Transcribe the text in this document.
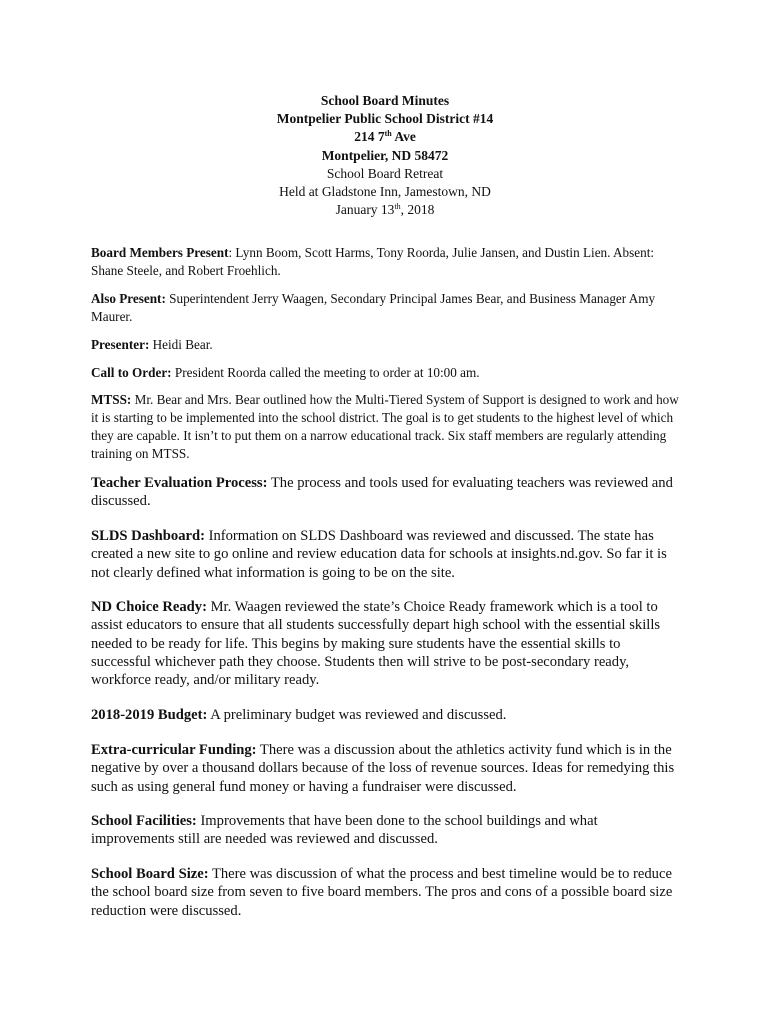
School Board Minutes
Montpelier Public School District #14
214 7th Ave
Montpelier, ND 58472
School Board Retreat
Held at Gladstone Inn, Jamestown, ND
January 13th, 2018

Board Members Present: Lynn Boom, Scott Harms, Tony Roorda, Julie Jansen, and Dustin Lien. Absent: Shane Steele, and Robert Froehlich.

Also Present: Superintendent Jerry Waagen, Secondary Principal James Bear, and Business Manager Amy Maurer.

Presenter: Heidi Bear.

Call to Order: President Roorda called the meeting to order at 10:00 am.

MTSS: Mr. Bear and Mrs. Bear outlined how the Multi-Tiered System of Support is designed to work and how it is starting to be implemented into the school district. The goal is to get students to the highest level of which they are capable. It isn’t to put them on a narrow educational track. Six staff members are regularly attending training on MTSS.

Teacher Evaluation Process: The process and tools used for evaluating teachers was reviewed and discussed.

SLDS Dashboard: Information on SLDS Dashboard was reviewed and discussed. The state has created a new site to go online and review education data for schools at insights.nd.gov. So far it is not clearly defined what information is going to be on the site.

ND Choice Ready: Mr. Waagen reviewed the state’s Choice Ready framework which is a tool to assist educators to ensure that all students successfully depart high school with the essential skills needed to be ready for life. This begins by making sure students have the essential skills to successful whichever path they choose. Students then will strive to be post-secondary ready, workforce ready, and/or military ready.

2018-2019 Budget: A preliminary budget was reviewed and discussed.

Extra-curricular Funding: There was a discussion about the athletics activity fund which is in the negative by over a thousand dollars because of the loss of revenue sources. Ideas for remedying this such as using general fund money or having a fundraiser were discussed.

School Facilities: Improvements that have been done to the school buildings and what improvements still are needed was reviewed and discussed.

School Board Size: There was discussion of what the process and best timeline would be to reduce the school board size from seven to five board members. The pros and cons of a possible board size reduction were discussed.
